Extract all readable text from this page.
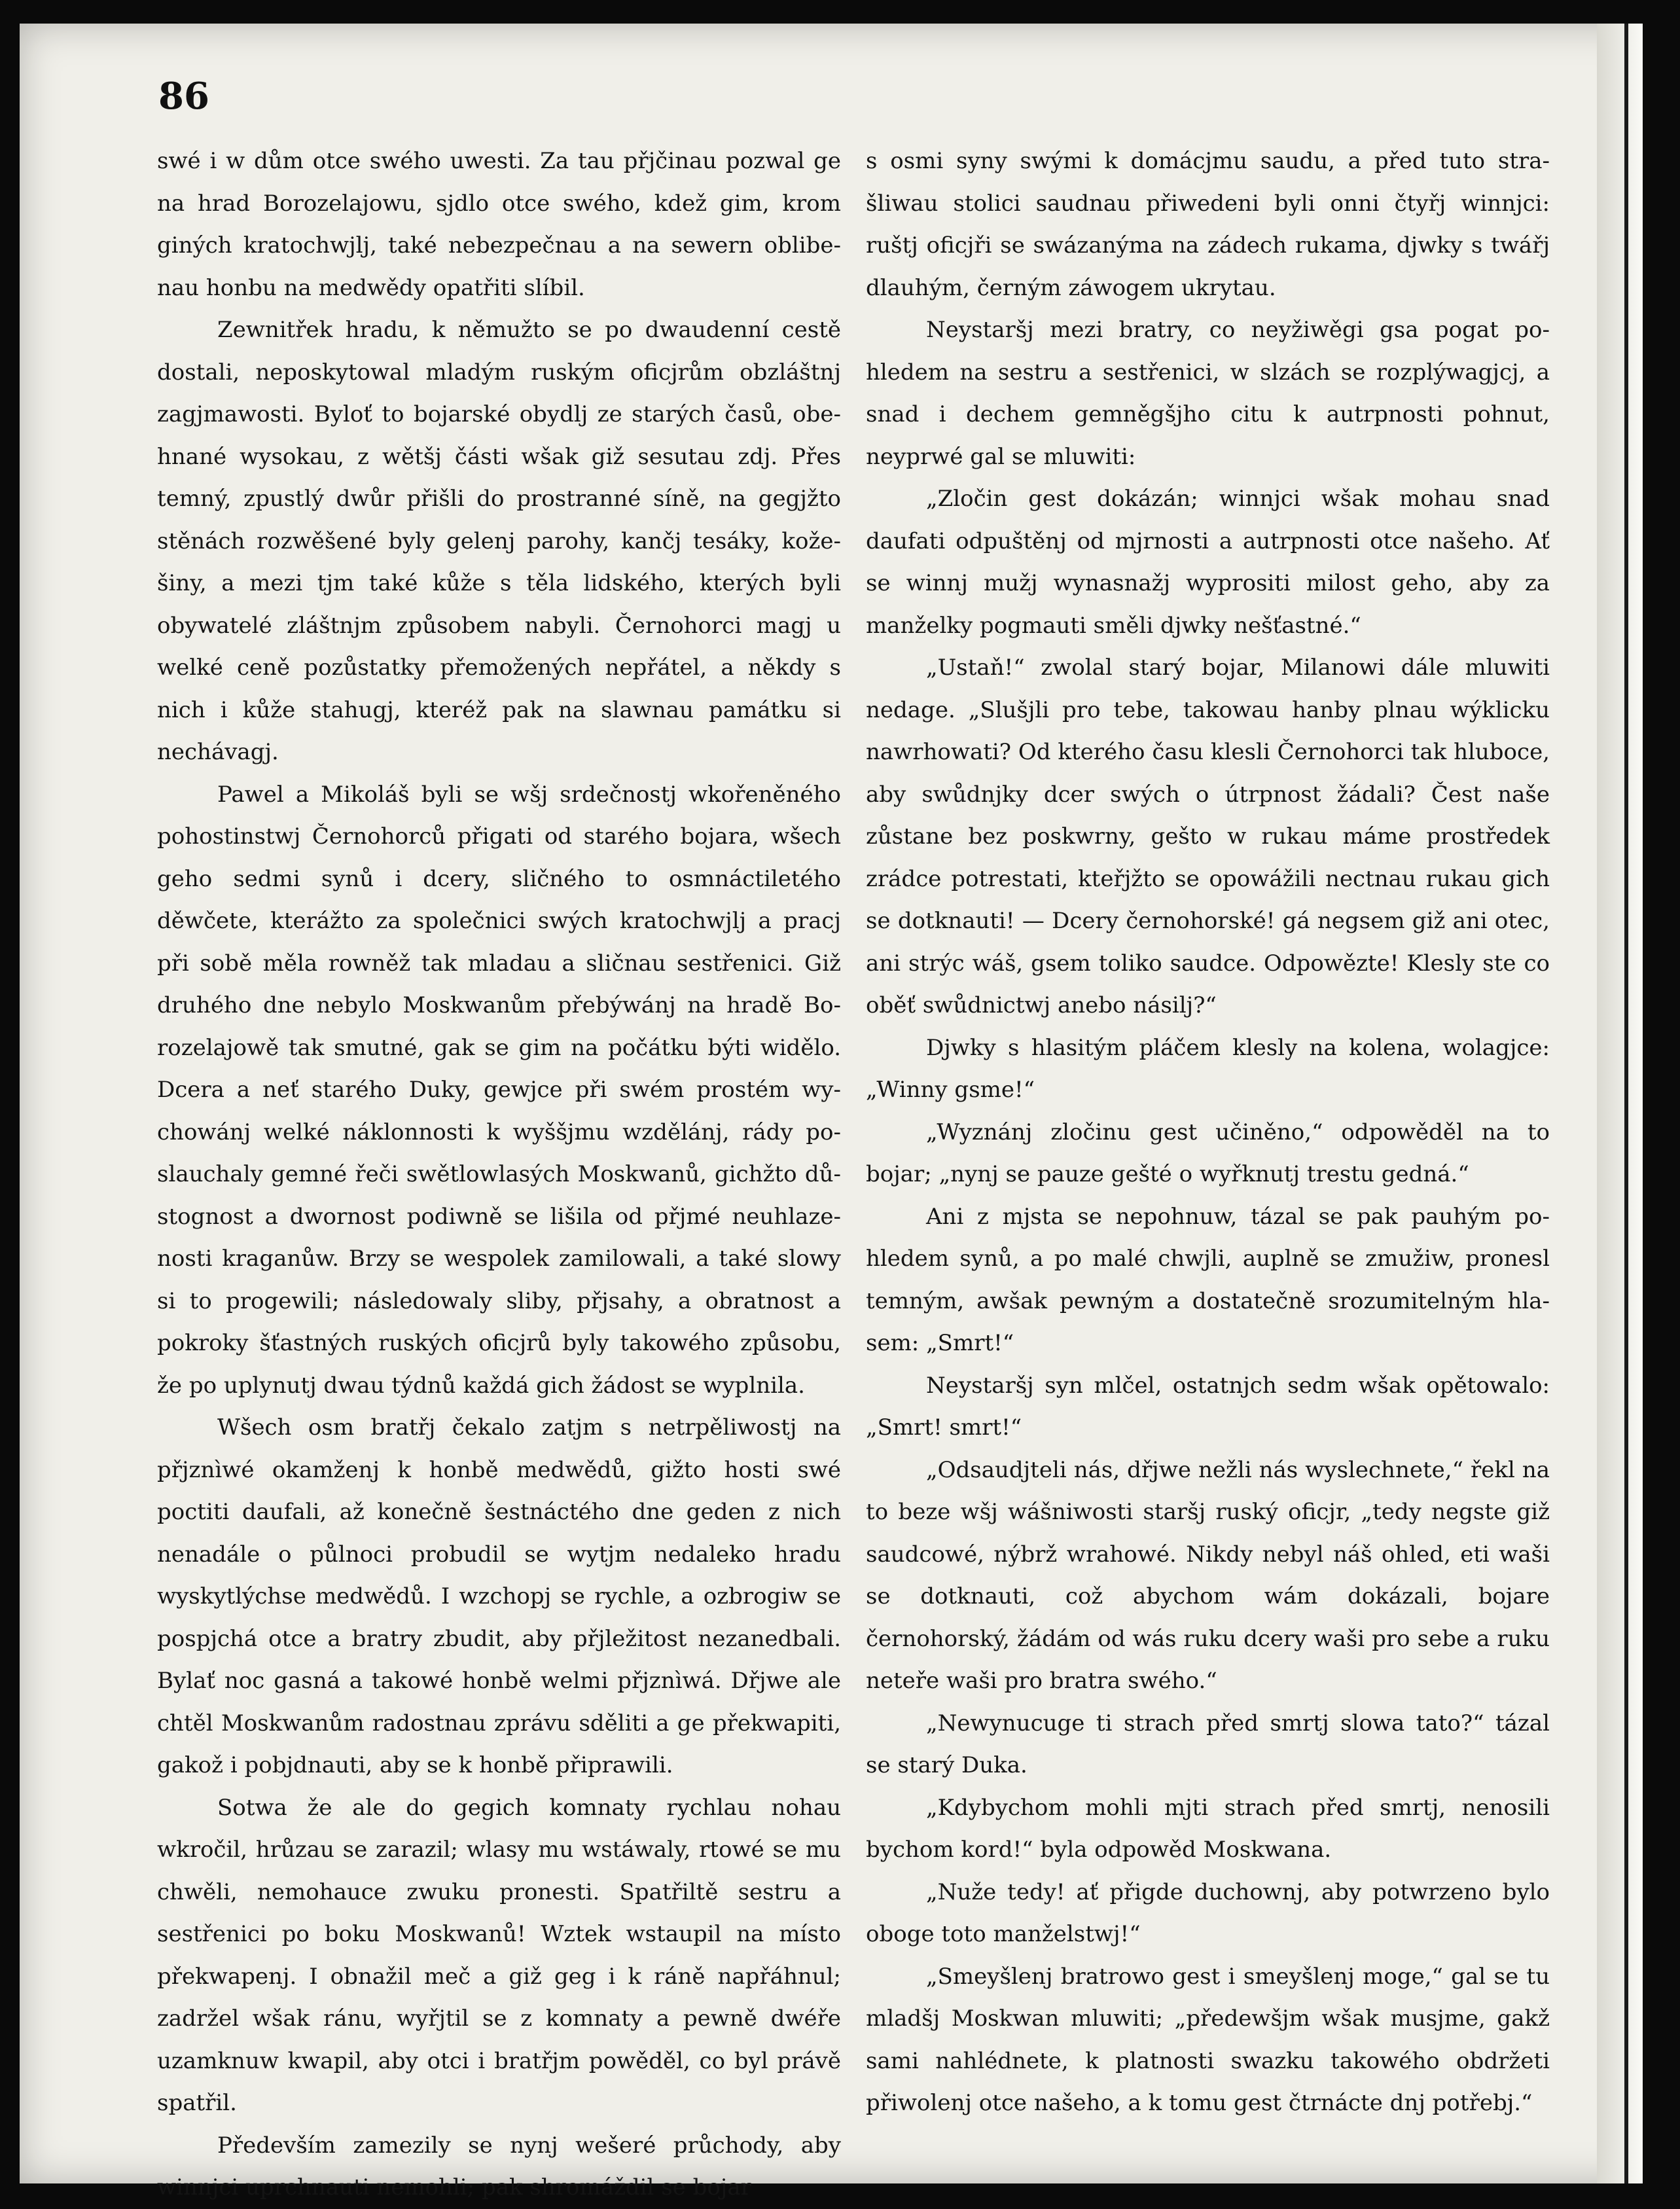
86

swé i w dům otce swého uwesti. Za tau přjčinau pozwal ge na hrad Borozelajowu, sjdlo otce swého, kdež gim, krom giných kratochwjlj, také nebezpečnau a na sewern oblibenau honbu na medwědy opatřiti slíbil.

Zewnitřek hradu, k němužto se po dwaudenní cestě dostali, neposkytowal mladým ruským oficjrům obzláštnj zagjmawosti. Byloť to bojarské obydlj ze starých časů, obehnané wysokau, z wětšj části wšak giž sesutau zdj. Přes temný, zpustlý dwůr přišli do prostranné síně, na gegjžto stěnách rozwěšené byly gelenj parohy, kančj tesáky, kožešiny, a mezi tjm také kůže s těla lidského, kterých byli obywatelé zláštnjm způsobem nabyli. Černohorci magj u welké ceně pozůstatky přemožených nepřátel, a někdy s nich i kůže stahugj, kteréž pak na slawnau památku si nechávagj.

Pawel a Mikoláš byli se wšj srdečnostj wkořeněného pohostinstwj Černohorců přigati od starého bojara, wšech geho sedmi synů i dcery, sličného to osmnáctiletého děwčete, kterážto za společnici swých kratochwjlj a pracj při sobě měla rowněž tak mladau a sličnau sestřenici. Giž druhého dne nebylo Moskwanům přebýwánj na hradě Borozelajowě tak smutné, gak se gim na počátku býti widělo. Dcera a neť starého Duky, gewjce při swém prostém wychowánj welké náklonnosti k wyššjmu wzdělánj, rády poslauchaly gemné řeči swětlowlasých Moskwanů, gichžto důstognost a dwornost podiwně se lišila od přjmé neuhlazenosti kraganůw. Brzy se wespolek zamilowali, a také slowy si to progewili; následowaly sliby, přjsahy, a obratnost a pokroky šťastných ruských oficjrů byly takowého způsobu, že po uplynutj dwau týdnů každá gich žádost se wyplnila.

Wšech osm bratřj čekalo zatjm s netrpěliwostj na přjznìwé okamženj k honbě medwědů, gižto hosti swé poctiti daufali, až konečně šestnáctého dne geden z nich nenadále o půlnoci probudil se wytjm nedaleko hradu wyskytlýchse medwědů. I wzchopj se rychle, a ozbrogiw se pospjchá otce a bratry zbudit, aby přjležitost nezanedbali. Bylať noc gasná a takowé honbě welmi přjznìwá. Dřjwe ale chtěl Moskwanům radostnau zprávu sděliti a ge překwapiti, gakož i pobjdnauti, aby se k honbě připrawili.

Sotwa že ale do gegich komnaty rychlau nohau wkročil, hrůzau se zarazil; wlasy mu wstáwaly, rtowé se mu chwěli, nemohauce zwuku pronesti. Spatřiltě sestru a sestřenici po boku Moskwanů! Wztek wstaupil na místo překwapenj. I obnažil meč a giž geg i k ráně napřáhnul; zadržel wšak ránu, wyřjtil se z komnaty a pewně dwéře uzamknuw kwapil, aby otci i bratřjm powěděl, co byl právě spatřil.

Především zamezily se nynj wešeré průchody, aby winnjci uprchnauti nemohli; pak shromáždil se bojar

s osmi syny swými k domácjmu saudu, a před tuto strašliwau stolici saudnau přiwedeni byli onni čtyřj winnjci: ruštj oficjři se swázanýma na zádech rukama, djwky s twářj dlauhým, černým záwogem ukrytau.

Neystaršj mezi bratry, co neyžiwěgi gsa pogat pohledem na sestru a sestřenici, w slzách se rozplýwagjcj, a snad i dechem gemněgšjho citu k autrpnosti pohnut, neyprwé gal se mluwiti:

„Zločin gest dokázán; winnjci wšak mohau snad daufati odpuštěnj od mjrnosti a autrpnosti otce našeho. Ať se winnj mužj wynasnažj wyprositi milost geho, aby za manželky pogmauti směli djwky nešťastné.“

„Ustaň!“ zwolal starý bojar, Milanowi dále mluwiti nedage. „Slušjli pro tebe, takowau hanby plnau wýklicku nawrhowati? Od kterého času klesli Černohorci tak hluboce, aby swůdnjky dcer swých o útrpnost žádali? Čest naše zůstane bez poskwrny, gešto w rukau máme prostředek zrádce potrestati, kteřjžto se opowážili nectnau rukau gich se dotknauti! — Dcery černohorské! gá negsem giž ani otec, ani strýc wáš, gsem toliko saudce. Odpowězte! Klesly ste co oběť swůdnictwj anebo násilj?“

Djwky s hlasitým pláčem klesly na kolena, wolagjce: „Winny gsme!“

„Wyznánj zločinu gest učiněno,“ odpowěděl na to bojar; „nynj se pauze gešté o wyřknutj trestu gedná.“

Ani z mjsta se nepohnuw, tázal se pak pauhým pohledem synů, a po malé chwjli, auplně se zmužiw, pronesl temným, awšak pewným a dostatečně srozumitelným hlasem: „Smrt!“

Neystaršj syn mlčel, ostatnjch sedm wšak opětowalo: „Smrt! smrt!“

„Odsaudjteli nás, dřjwe nežli nás wyslechnete,“ řekl na to beze wšj wášniwosti staršj ruský oficjr, „tedy negste giž saudcowé, nýbrž wrahowé. Nikdy nebyl náš ohled, eti waši se dotknauti, což abychom wám dokázali, bojare černohorský, žádám od wás ruku dcery waši pro sebe a ruku neteře waši pro bratra swého.“

„Newynucuge ti strach před smrtj slowa tato?“ tázal se starý Duka.

„Kdybychom mohli mjti strach před smrtj, nenosili bychom kord!“ byla odpowěd Moskwana.

„Nuže tedy! ať přigde duchownj, aby potwrzeno bylo oboge toto manželstwj!“

„Smeyšlenj bratrowo gest i smeyšlenj moge,“ gal se tu mladšj Moskwan mluwiti; „předewšjm wšak musjme, gakž sami nahlédnete, k platnosti swazku takowého obdržeti přiwolenj otce našeho, a k tomu gest čtrnácte dnj potřebj.“
